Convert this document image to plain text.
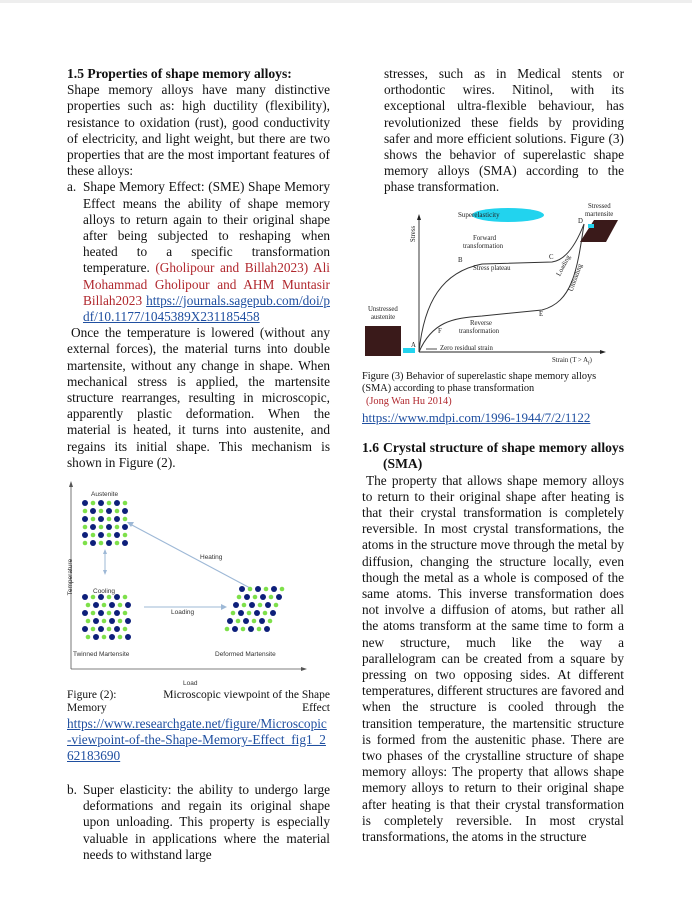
1.5 Properties of shape memory alloys:

Shape memory alloys have many distinctive properties such as: high ductility (flexibility), resistance to oxidation (rust), good conductivity of electricity, and light weight, but there are two properties that are the most important features of these alloys:

a. Shape Memory Effect: (SME) Shape Memory Effect means the ability of shape memory alloys to return again to their original shape after being subjected to reshaping when heated to a specific transformation temperature. (Gholipour and Billah2023) Ali Mohammad Gholipour and AHM Muntasir Billah2023 https://journals.sagepub.com/doi/pdf/10.1177/1045389X231185458

Once the temperature is lowered (without any external forces), the material turns into double martensite, without any change in shape. When mechanical stress is applied, the martensite structure rearranges, resulting in microscopic, apparently plastic deformation. When the material is heated, it turns into austenite, and regains its initial shape. This mechanism is shown in Figure (2).

Austenite
Cooling
Heating
Loading
Twinned Martensite	Deformed Martensite
Load
Temperature
Figure (2):	Microscopic viewpoint of the Shape
Memory	Effect
https://www.researchgate.net/figure/Microscopic-viewpoint-of-the-Shape-Memory-Effect_fig1_262183690
b. Super elasticity: the ability to undergo large deformations and regain its original shape upon unloading. This property is especially valuable in applications where the material needs to withstand large

stresses, such as in Medical stents or orthodontic wires. Nitinol, with its exceptional ultra-flexible behaviour, has revolutionized these fields by providing safer and more efficient solutions. Figure (3) shows the behavior of superelastic shape memory alloys (SMA) according to the phase transformation.

Superelasticity
Stressed
martensite
Forward
transformation
Stress plateau
Reverse
transformation
Zero residual strain
Unstressed
austenite
Strain $(T > A_f)$
Stress
Loading
Unloading
A
B	C
D
E
F
Figure (3) Behavior of superelastic shape memory alloys (SMA) according to phase transformation
(Jong Wan Hu 2014)
https://www.mdpi.com/1996-1944/7/2/1122
1.6 Crystal structure of shape memory alloys (SMA)

The property that allows shape memory alloys to return to their original shape after heating is that their crystal transformation is completely reversible. In most crystal transformations, the atoms in the structure move through the metal by diffusion, changing the structure locally, even though the metal as a whole is composed of the same atoms. This inverse transformation does not involve a diffusion of atoms, but rather all the atoms transform at the same time to form a new structure, much like the way a parallelogram can be created from a square by pressing on two opposing sides. At different temperatures, different structures are favored and when the structure is cooled through the transition temperature, the martensitic structure is formed from the austenitic phase. There are two phases of the crystalline structure of shape memory alloys: The property that allows shape memory alloys to return to their original shape after heating is that their crystal transformation is completely reversible. In most crystal transformations, the atoms in the structure
